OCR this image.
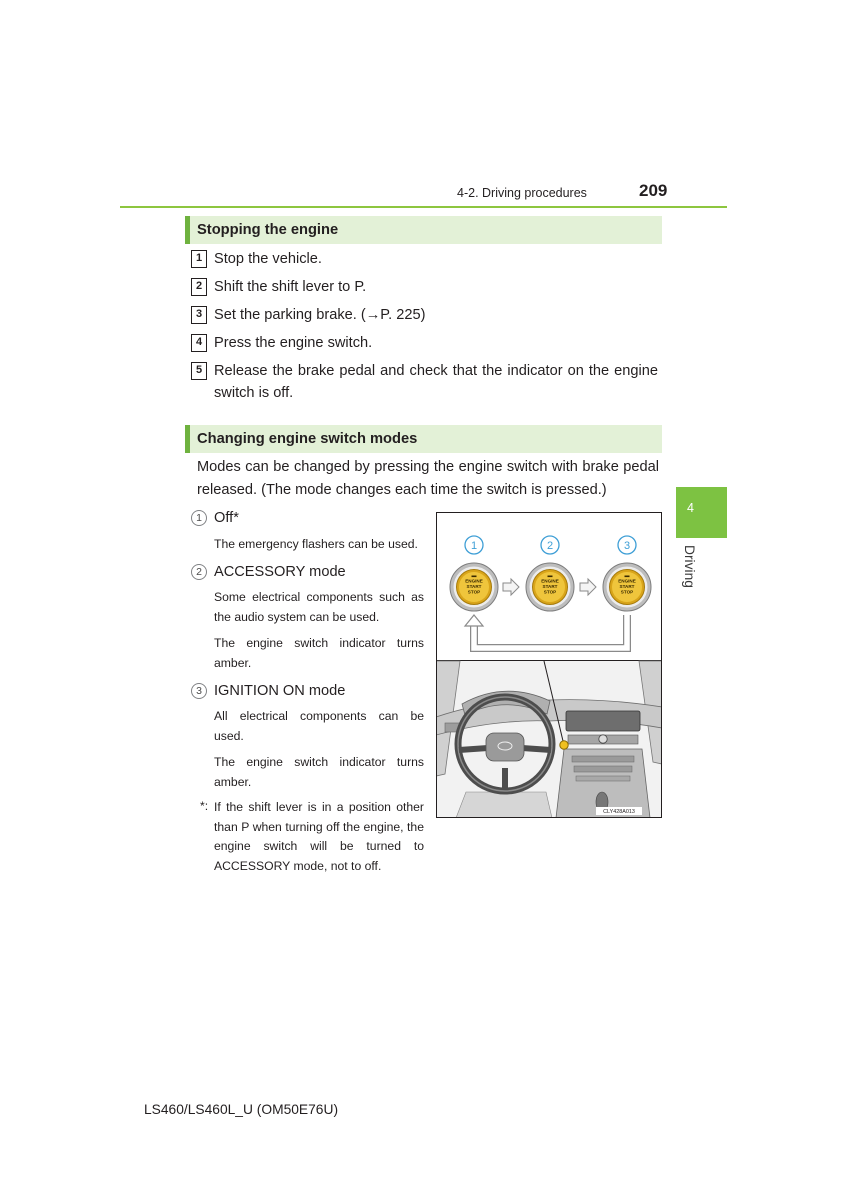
4-2. Driving procedures	209
4
Driving
Stopping the engine
1 Stop the vehicle.
2 Shift the shift lever to P.
3 Set the parking brake. (→P. 225)
4 Press the engine switch.
5 Release the brake pedal and check that the indicator on the engine
switch is off.
Changing engine switch modes
Modes can be changed by pressing the engine switch with brake pedal
released. (The mode changes each time the switch is pressed.)
1 Off*
The emergency flashers can be used.
2 ACCESSORY mode
Some electrical components such as
the audio system can be used.
The engine switch indicator turns
amber.
3 IGNITION ON mode
All electrical components can be
used.
The engine switch indicator turns
amber.
*: If the shift lever is in a position other
than P when turning off the engine, the
engine switch will be turned to
ACCESSORY mode, not to off.
1	2	3
ENGINE
START
STOP
ENGINE
START
STOP
ENGINE
START
STOP
CLY428A013
LS460/LS460L_U (OM50E76U)
